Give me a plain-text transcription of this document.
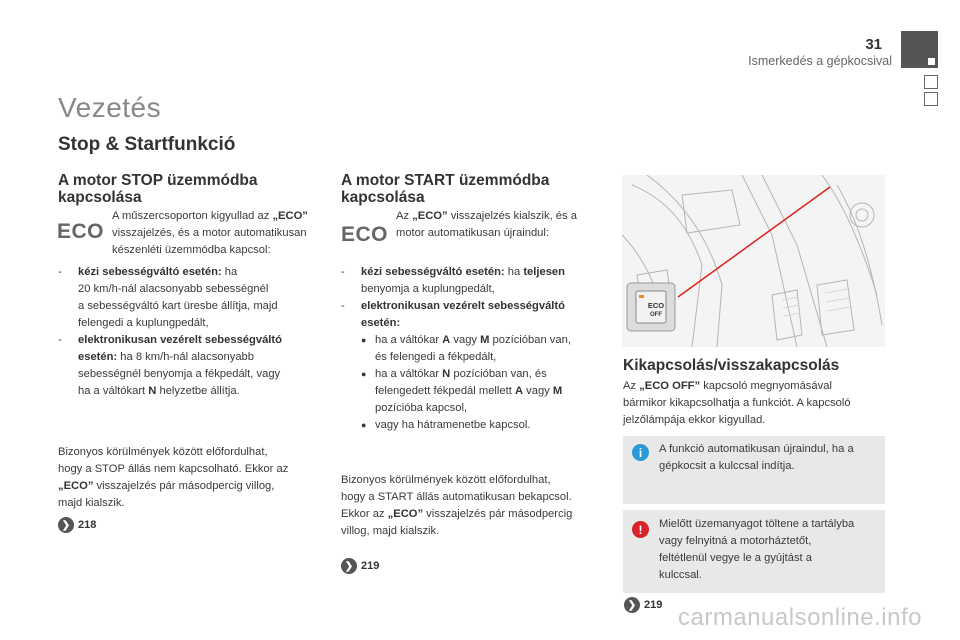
31
Ismerkedés a gépkocsival
Vezetés
Stop & Startfunkció
A motor STOP üzemmódba
kapcsolása
ECO
A műszercsoporton kigyullad az „ECO”
visszajelzés, és a motor automatikusan
készenléti üzemmódba kapcsol:
-	kézi sebességváltó esetén: ha
20 km/h-nál alacsonyabb sebességnél
a sebességváltó kart üresbe állítja, majd
felengedi a kuplungpedált,
-	elektronikusan vezérelt sebességváltó
esetén: ha 8 km/h-nál alacsonyabb
sebességnél benyomja a fékpedált, vagy
ha a váltókart N helyzetbe állítja.
Bizonyos körülmények között előfordulhat,
hogy a STOP állás nem kapcsolható. Ekkor az
„ECO” visszajelzés pár másodpercig villog,
majd kialszik.
❯ 218
A motor START üzemmódba
kapcsolása
ECO
Az „ECO” visszajelzés kialszik, és a
motor automatikusan újraindul:
-	kézi sebességváltó esetén: ha teljesen
benyomja a kuplungpedált,
-	elektronikusan vezérelt sebességváltó
esetén:
● ha a váltókar A vagy M pozícióban van,
és felengedi a fékpedált,
● ha a váltókar N pozícióban van, és
felengedett fékpedál mellett A vagy M
pozícióba kapcsol,
● vagy ha hátramenetbe kapcsol.
Bizonyos körülmények között előfordulhat,
hogy a START állás automatikusan bekapcsol.
Ekkor az „ECO” visszajelzés pár másodpercig
villog, majd kialszik.
❯ 219
ECO
OFF
Kikapcsolás/visszakapcsolás
Az „ECO OFF” kapcsoló megnyomásával
bármikor kikapcsolhatja a funkciót. A kapcsoló
jelzőlámpája ekkor kigyullad.
i	A funkció automatikusan újraindul, ha a
gépkocsit a kulccsal indítja.
!	Mielőtt üzemanyagot töltene a tartályba
vagy felnyitná a motorháztetőt,
feltétlenül vegye le a gyújtást a
kulccsal.
❯ 219 carmanualsonline.info
